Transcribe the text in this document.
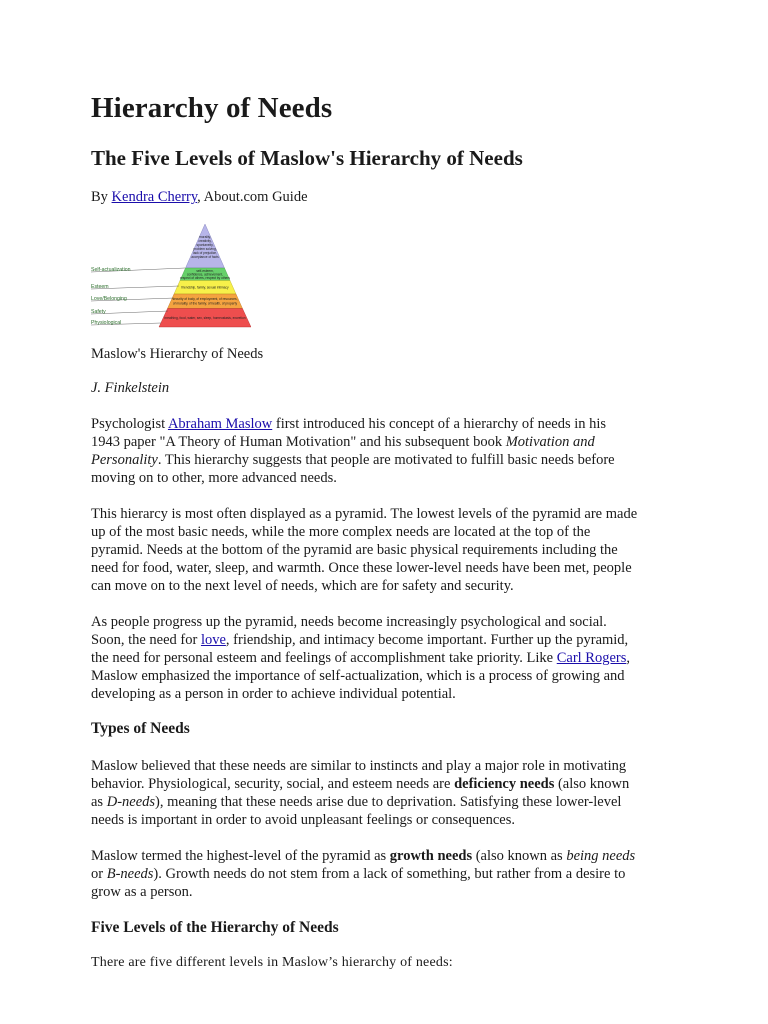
Hierarchy of Needs
The Five Levels of Maslow's Hierarchy of Needs
By Kendra Cherry, About.com Guide
Self-actualization
Esteem
Love/Belonging
Safety
Physiological
morality,
creativity,
spontaneity,
problem solving,
lack of prejudice,
acceptance of facts
self-esteem,
confidence, achievement,
respect of others, respect by others
friendship, family, sexual intimacy
security of body, of employment, of resources,
of morality, of the family, of health, of property
breathing, food, water, sex, sleep, homeostasis, excretion

Maslow's Hierarchy of Needs

J. Finkelstein

Psychologist Abraham Maslow first introduced his concept of a hierarchy of needs in his
1943 paper "A Theory of Human Motivation" and his subsequent book Motivation and
Personality. This hierarchy suggests that people are motivated to fulfill basic needs before
moving on to other, more advanced needs.

This hierarcy is most often displayed as a pyramid. The lowest levels of the pyramid are made
up of the most basic needs, while the more complex needs are located at the top of the
pyramid. Needs at the bottom of the pyramid are basic physical requirements including the
need for food, water, sleep, and warmth. Once these lower-level needs have been met, people
can move on to the next level of needs, which are for safety and security.

As people progress up the pyramid, needs become increasingly psychological and social.
Soon, the need for love, friendship, and intimacy become important. Further up the pyramid,
the need for personal esteem and feelings of accomplishment take priority. Like Carl Rogers,
Maslow emphasized the importance of self-actualization, which is a process of growing and
developing as a person in order to achieve individual potential.

Types of Needs

Maslow believed that these needs are similar to instincts and play a major role in motivating
behavior. Physiological, security, social, and esteem needs are deficiency needs (also known
as D-needs), meaning that these needs arise due to deprivation. Satisfying these lower-level
needs is important in order to avoid unpleasant feelings or consequences.

Maslow termed the highest-level of the pyramid as growth needs (also known as being needs
or B-needs). Growth needs do not stem from a lack of something, but rather from a desire to
grow as a person.

Five Levels of the Hierarchy of Needs

There are five different levels in Maslow’s hierarchy of needs:
